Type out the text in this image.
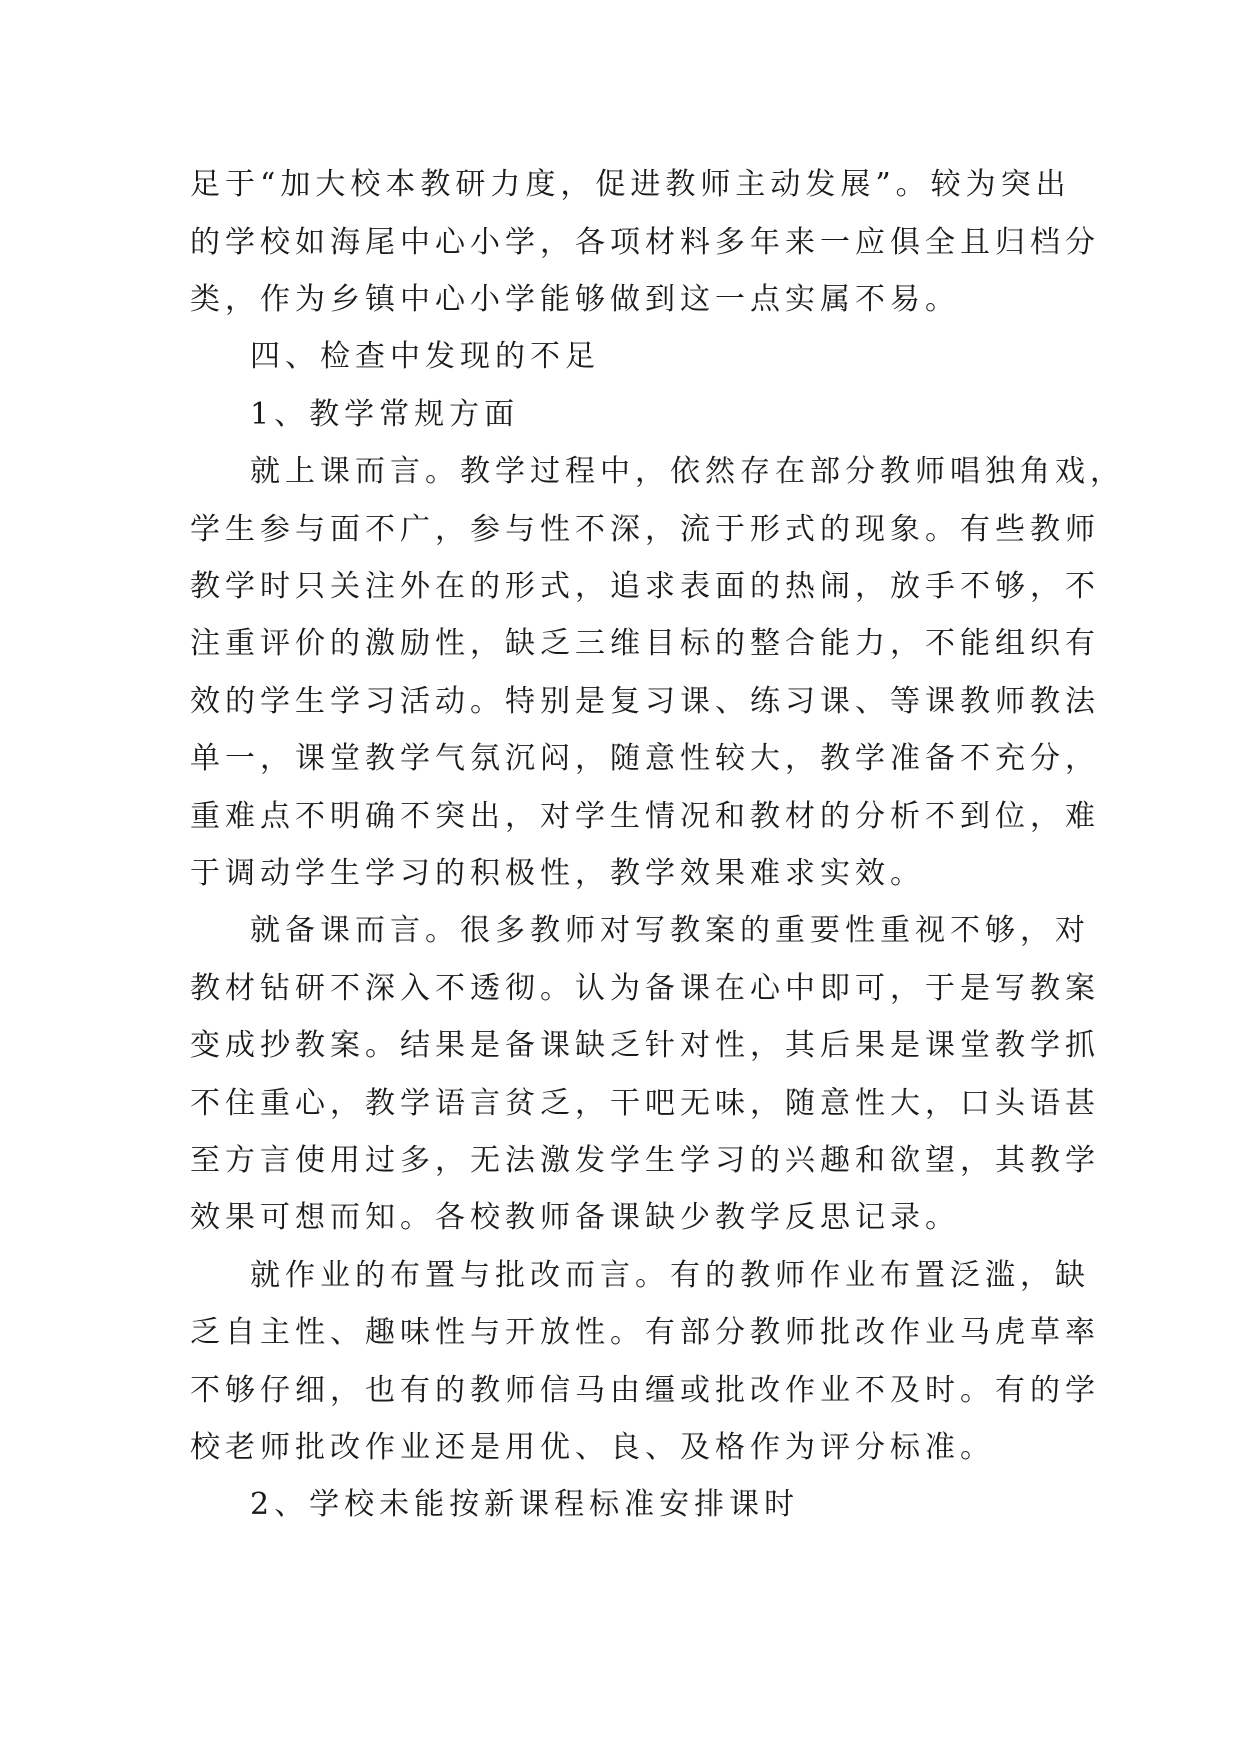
足于“加大校本教研力度，促进教师主动发展”。较为突出

的学校如海尾中心小学，各项材料多年来一应俱全且归档分

类，作为乡镇中心小学能够做到这一点实属不易。

四、检查中发现的不足

1、教学常规方面

就上课而言。教学过程中，依然存在部分教师唱独角戏，

学生参与面不广，参与性不深，流于形式的现象。有些教师

教学时只关注外在的形式，追求表面的热闹，放手不够，不

注重评价的激励性，缺乏三维目标的整合能力，不能组织有

效的学生学习活动。特别是复习课、练习课、等课教师教法

单一，课堂教学气氛沉闷，随意性较大，教学准备不充分，

重难点不明确不突出，对学生情况和教材的分析不到位，难

于调动学生学习的积极性，教学效果难求实效。

就备课而言。很多教师对写教案的重要性重视不够，对

教材钻研不深入不透彻。认为备课在心中即可，于是写教案

变成抄教案。结果是备课缺乏针对性，其后果是课堂教学抓

不住重心，教学语言贫乏，干吧无味，随意性大，口头语甚

至方言使用过多，无法激发学生学习的兴趣和欲望，其教学

效果可想而知。各校教师备课缺少教学反思记录。

就作业的布置与批改而言。有的教师作业布置泛滥，缺

乏自主性、趣味性与开放性。有部分教师批改作业马虎草率

不够仔细，也有的教师信马由缰或批改作业不及时。有的学

校老师批改作业还是用优、良、及格作为评分标准。

2、学校未能按新课程标准安排课时
